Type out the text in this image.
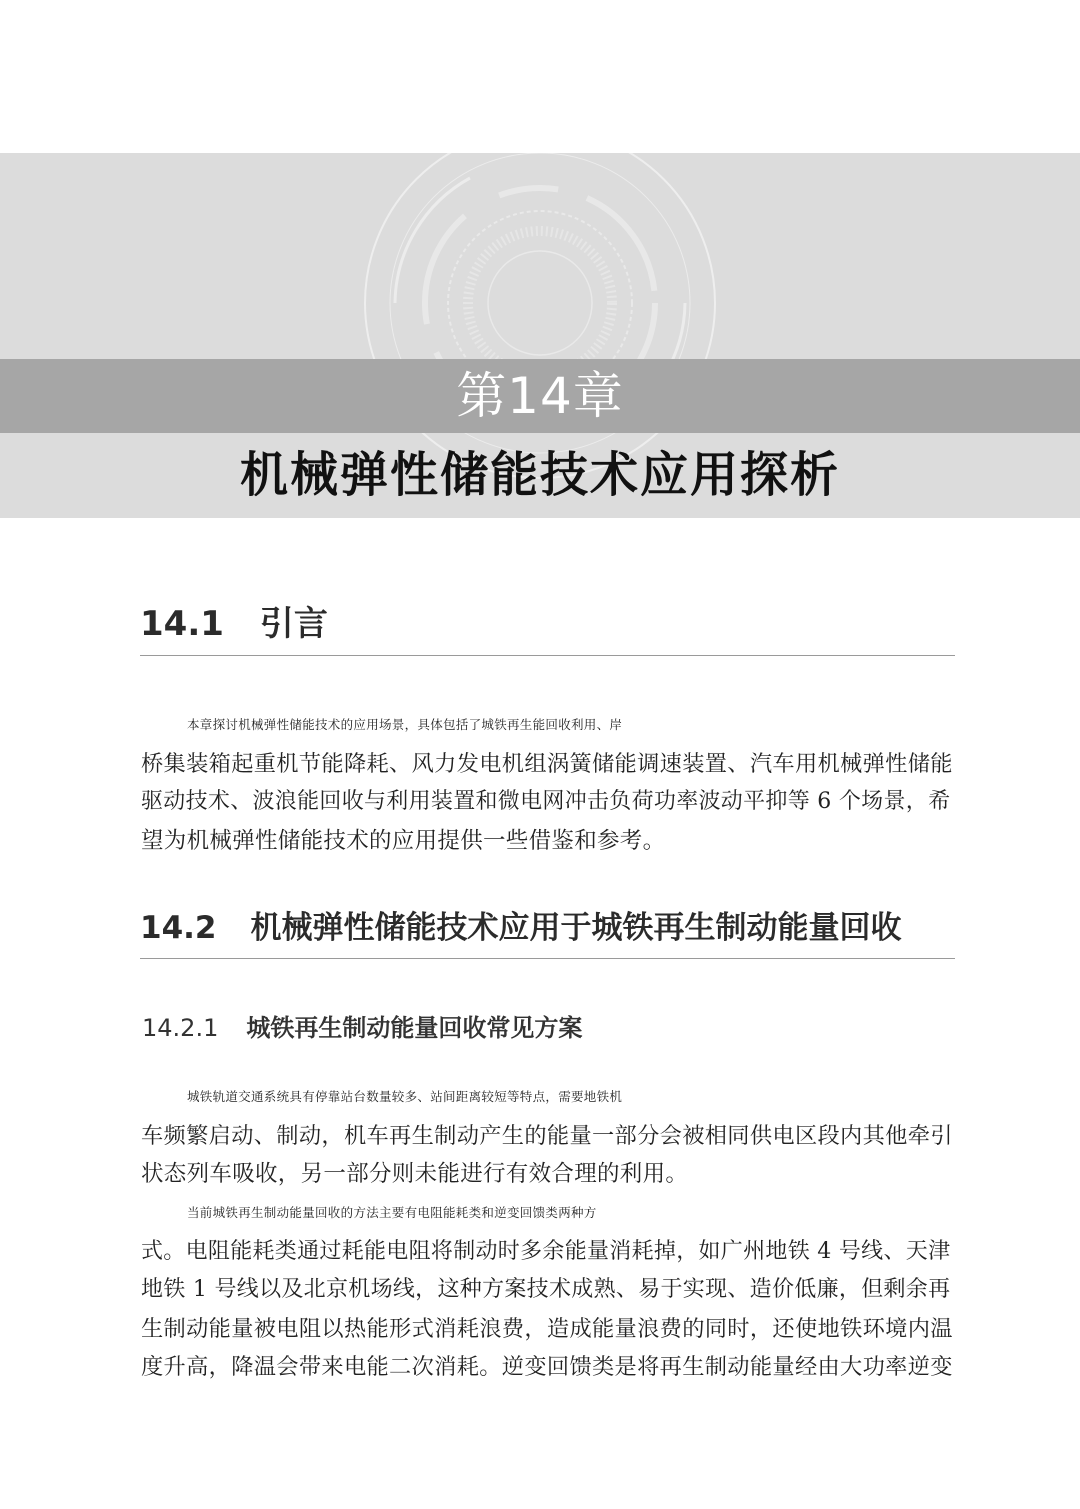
第14章
机械弹性储能技术应用探析
14.1 引言

本章探讨机械弹性储能技术的应用场景，具体包括了城铁再生能回收利用、岸
桥集装箱起重机节能降耗、风力发电机组涡簧储能调速装置、汽车用机械弹性储能
驱动技术、波浪能回收与利用装置和微电网冲击负荷功率波动平抑等 6 个场景，希
望为机械弹性储能技术的应用提供一些借鉴和参考。

14.2 机械弹性储能技术应用于城铁再生制动能量回收
14.2.1 城铁再生制动能量回收常见方案

城铁轨道交通系统具有停靠站台数量较多、站间距离较短等特点，需要地铁机
车频繁启动、制动，机车再生制动产生的能量一部分会被相同供电区段内其他牵引
状态列车吸收，另一部分则未能进行有效合理的利用。

当前城铁再生制动能量回收的方法主要有电阻能耗类和逆变回馈类两种方
式。电阻能耗类通过耗能电阻将制动时多余能量消耗掉，如广州地铁 4 号线、天津
地铁 1 号线以及北京机场线，这种方案技术成熟、易于实现、造价低廉，但剩余再
生制动能量被电阻以热能形式消耗浪费，造成能量浪费的同时，还使地铁环境内温
度升高，降温会带来电能二次消耗。逆变回馈类是将再生制动能量经由大功率逆变
